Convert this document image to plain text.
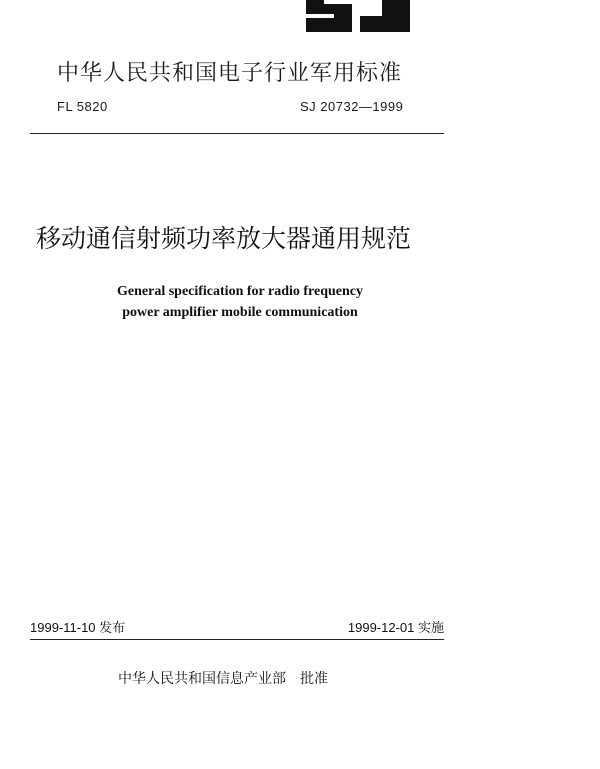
中华人民共和国电子行业军用标准
FL 5820	SJ 20732—1999
移动通信射频功率放大器通用规范
General specification for radio frequency
power amplifier mobile communication
1999-11-10 发布	1999-12-01 实施
中华人民共和国信息产业部　批准
